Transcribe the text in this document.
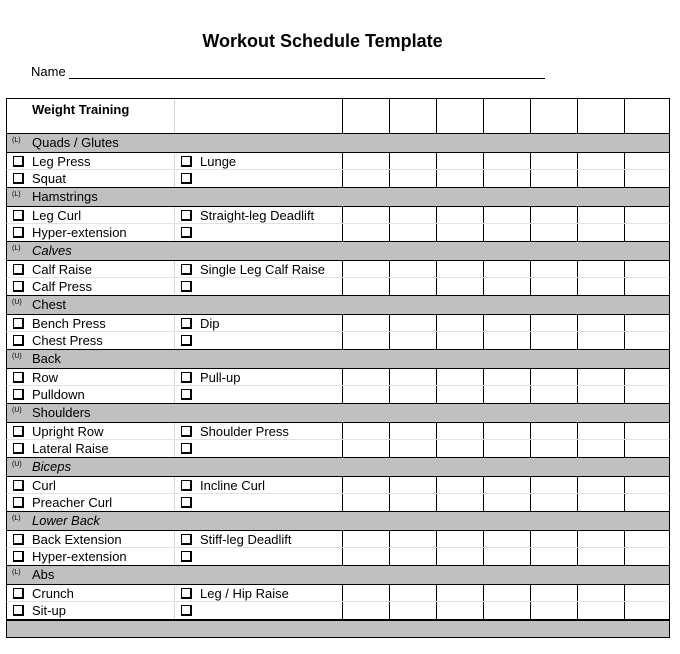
Workout Schedule Template
Name
Weight Training
(L) Quads / Glutes
Leg Press	Lunge
Squat
(L) Hamstrings
Leg Curl	Straight-leg Deadlift
Hyper-extension
(L) Calves
Calf Raise	Single Leg Calf Raise
Calf Press
(U) Chest
Bench Press	Dip
Chest Press
(U) Back
Row	Pull-up
Pulldown
(U) Shoulders
Upright Row	Shoulder Press
Lateral Raise
(U) Biceps
Curl	Incline Curl
Preacher Curl
(L) Lower Back
Back Extension	Stiff-leg Deadlift
Hyper-extension
(L) Abs
Crunch	Leg / Hip Raise
Sit-up
